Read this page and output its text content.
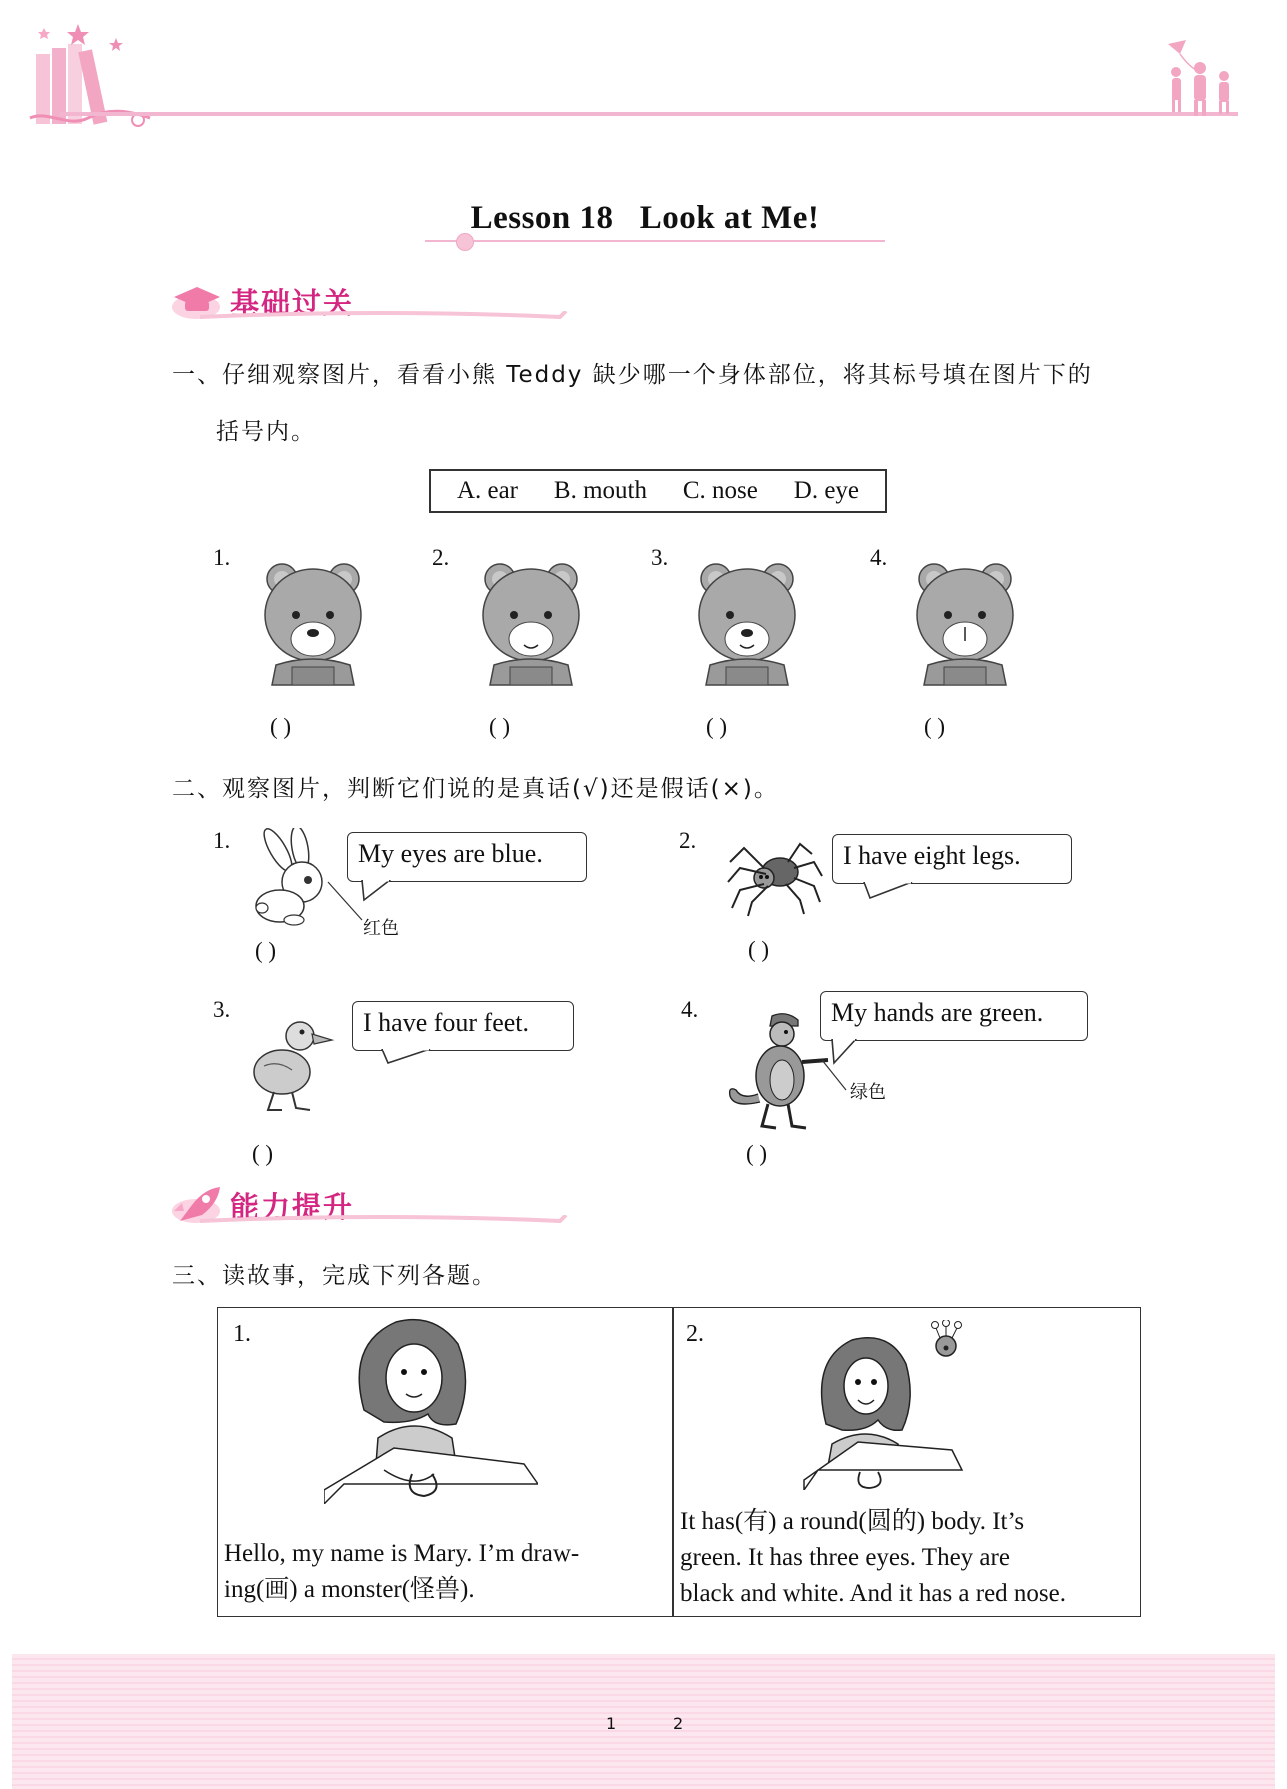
Lesson 18 Look at Me!
基础过关
一、仔细观察图片，看看小熊 Teddy 缺少哪一个身体部位，将其标号填在图片下的
括号内。
A. ear B. mouth C. nose D. eye
1.
( )
2.
( )
3.
( )
4.
( )
二、观察图片，判断它们说的是真话(√)还是假话(×)。
1.	My eyes are blue.
红色
( )
2.
I have eight legs.
( )
3.	I have four feet.
( )
4.	My hands are green.
绿色
( )
能力提升
三、读故事，完成下列各题。
1.
Hello, my name is Mary. I’m draw-
ing(画) a monster(怪兽).
2.
It has(有) a round(圆的) body. It’s
green. It has three eyes. They are
black and white. And it has a red nose.
1	2
